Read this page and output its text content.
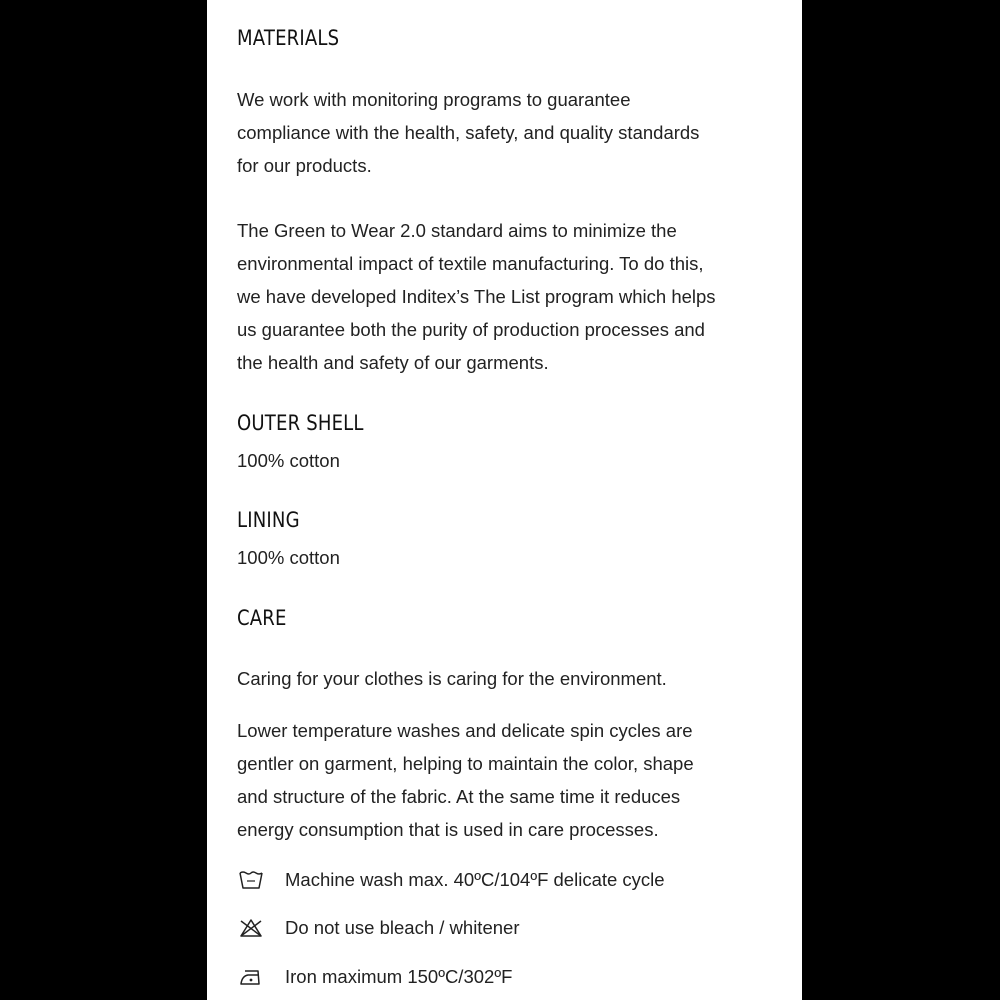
MATERIALS
We work with monitoring programs to guarantee
compliance with the health, safety, and quality standards
for our products.
The Green to Wear 2.0 standard aims to minimize the
environmental impact of textile manufacturing. To do this,
we have developed Inditex’s The List program which helps
us guarantee both the purity of production processes and
the health and safety of our garments.
OUTER SHELL

100% cotton

LINING

100% cotton

CARE

Caring for your clothes is caring for the environment.

Lower temperature washes and delicate spin cycles are
gentler on garment, helping to maintain the color, shape
and structure of the fabric. At the same time it reduces
energy consumption that is used in care processes.
Machine wash max. 40ºC/104ºF delicate cycle
Do not use bleach / whitener
Iron maximum 150ºC/302ºF
